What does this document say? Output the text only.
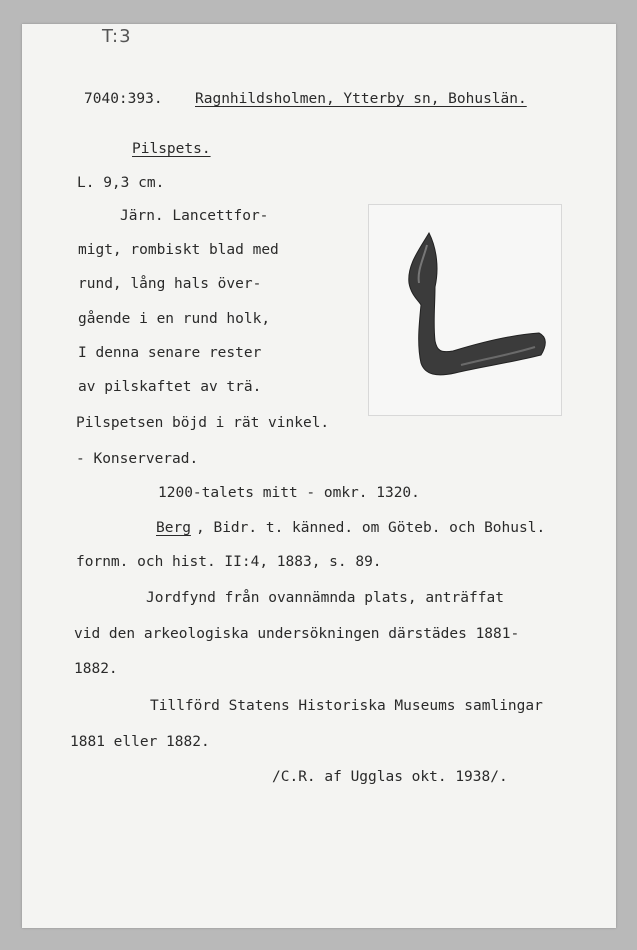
T:3
7040:393. Ragnhildsholmen, Ytterby sn, Bohuslän.
Pilspets.
L. 9,3 cm.
Järn. Lancettfor-
migt, rombiskt blad med
rund, lång hals över-
gående i en rund holk,
I denna senare rester
av pilskaftet av trä.
Pilspetsen böjd i rät vinkel.
- Konserverad.
1200-talets mitt - omkr. 1320.
Berg , Bidr. t. känned. om Göteb. och Bohusl.
fornm. och hist. II:4, 1883, s. 89.
Jordfynd från ovannämnda plats, anträffat
vid den arkeologiska undersökningen därstädes 1881-
1882.
Tillförd Statens Historiska Museums samlingar
1881 eller 1882.
/C.R. af Ugglas okt. 1938/.
